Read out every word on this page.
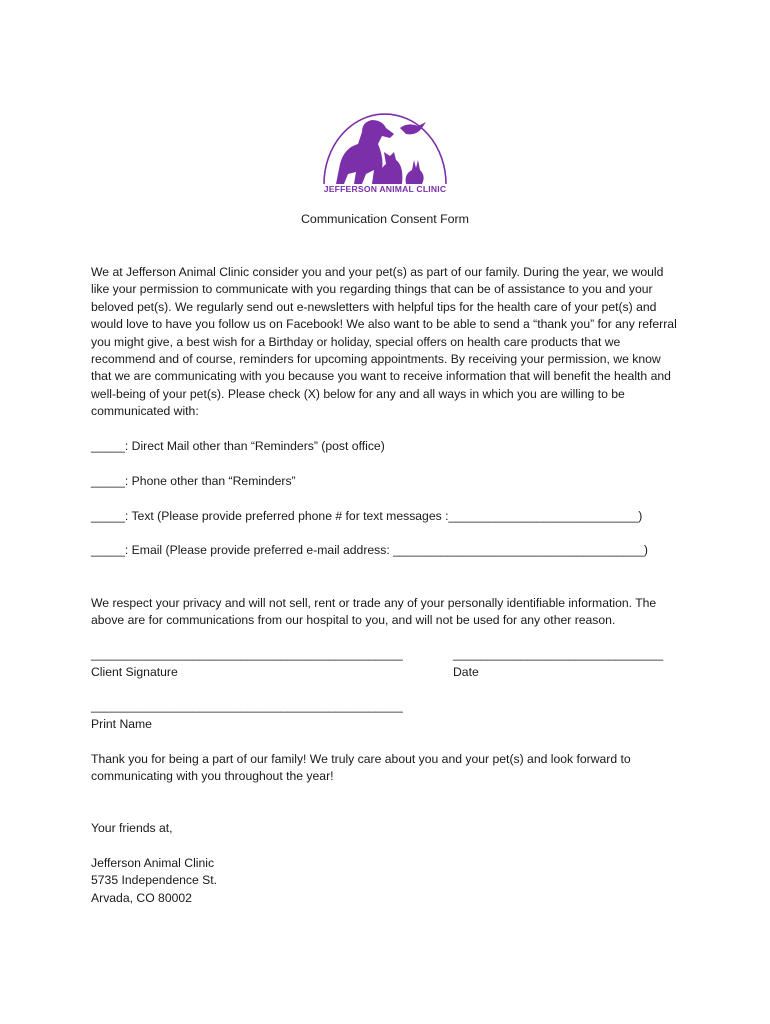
JEFFERSON ANIMAL CLINIC
Communication Consent Form

We at Jefferson Animal Clinic consider you and your pet(s) as part of our family. During the year, we would like your permission to communicate with you regarding things that can be of assistance to you and your beloved pet(s). We regularly send out e-newsletters with helpful tips for the health care of your pet(s) and would love to have you follow us on Facebook! We also want to be able to send a “thank you” for any referral you might give, a best wish for a Birthday or holiday, special offers on health care products that we recommend and of course, reminders for upcoming appointments. By receiving your permission, we know that we are communicating with you because you want to receive information that will benefit the health and well-being of your pet(s). Please check (X) below for any and all ways in which you are willing to be communicated with:

_____: Direct Mail other than “Reminders” (post office)
_____: Phone other than “Reminders”
_____: Text (Please provide preferred phone # for text messages :____________________________)
_____: Email (Please provide preferred e-mail address: _____________________________________)

We respect your privacy and will not sell, rent or trade any of your personally identifiable information. The above are for communications from our hospital to you, and will not be used for any other reason.

______________________________________________
Client Signature
_______________________________
Date
______________________________________________
Print Name

Thank you for being a part of our family! We truly care about you and your pet(s) and look forward to communicating with you throughout the year!

Your friends at,

Jefferson Animal Clinic

5735 Independence St.

Arvada, CO 80002
